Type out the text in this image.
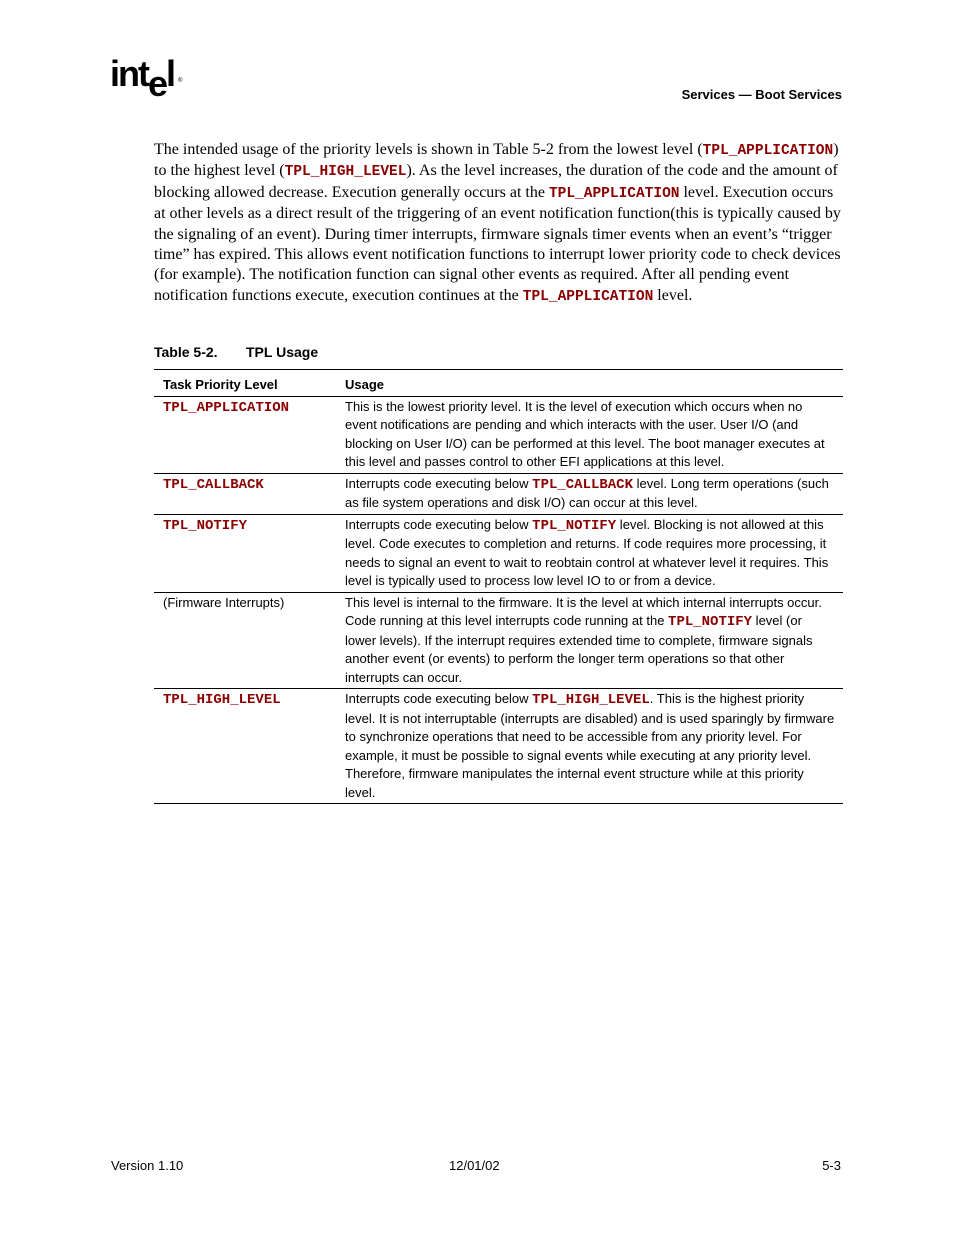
intel ®
Services — Boot Services

The intended usage of the priority levels is shown in Table 5-2 from the lowest level (TPL_APPLICATION) to the highest level (TPL_HIGH_LEVEL). As the level increases, the duration of the code and the amount of blocking allowed decrease. Execution generally occurs at the TPL_APPLICATION level. Execution occurs at other levels as a direct result of the triggering of an event notification function(this is typically caused by the signaling of an event). During timer interrupts, firmware signals timer events when an event’s “trigger time” has expired. This allows event notification functions to interrupt lower priority code to check devices (for example). The notification function can signal other events as required. After all pending event notification functions execute, execution continues at the TPL_APPLICATION level.

Table 5-2. TPL Usage
Task Priority Level	Usage
TPL_APPLICATION	This is the lowest priority level. It is the level of execution which occurs when no event notifications are pending and which interacts with the user. User I/O (and blocking on User I/O) can be performed at this level. The boot manager executes at this level and passes control to other EFI applications at this level.
TPL_CALLBACK	Interrupts code executing below TPL_CALLBACK level. Long term operations (such as file system operations and disk I/O) can occur at this level.
TPL_NOTIFY	Interrupts code executing below TPL_NOTIFY level. Blocking is not allowed at this level. Code executes to completion and returns. If code requires more processing, it needs to signal an event to wait to reobtain control at whatever level it requires. This level is typically used to process low level IO to or from a device.
(Firmware Interrupts)	This level is internal to the firmware. It is the level at which internal interrupts occur. Code running at this level interrupts code running at the TPL_NOTIFY level (or lower levels). If the interrupt requires extended time to complete, firmware signals another event (or events) to perform the longer term operations so that other interrupts can occur.
TPL_HIGH_LEVEL	Interrupts code executing below TPL_HIGH_LEVEL. This is the highest priority level. It is not interruptable (interrupts are disabled) and is used sparingly by firmware to synchronize operations that need to be accessible from any priority level. For example, it must be possible to signal events while executing at any priority level. Therefore, firmware manipulates the internal event structure while at this priority level.
Version 1.10	12/01/02	5-3
